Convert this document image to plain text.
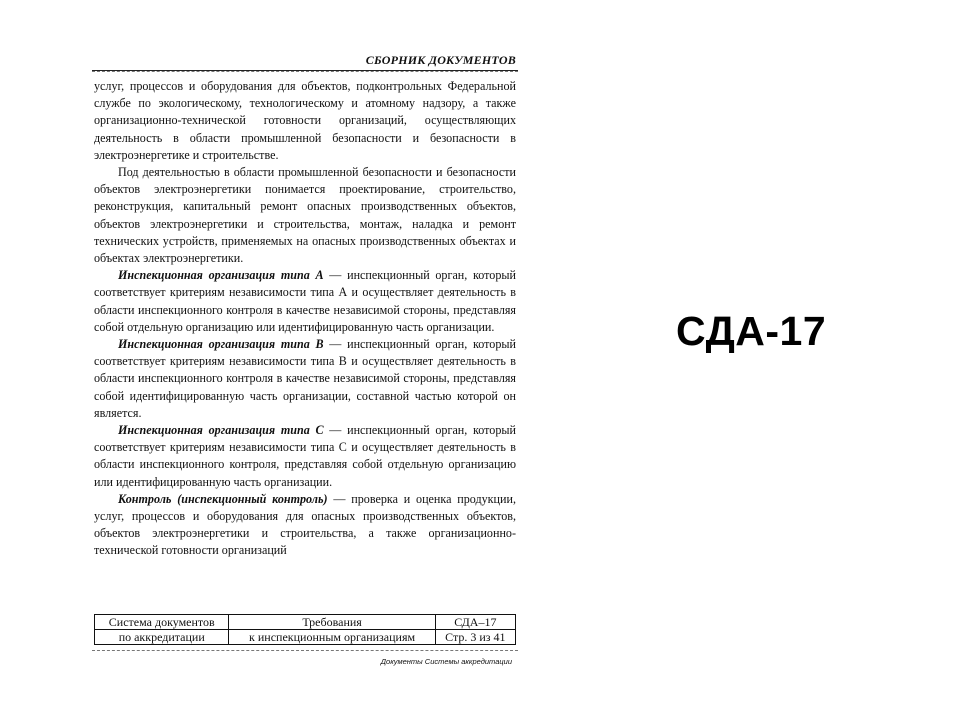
СБОРНИК ДОКУМЕНТОВ

услуг, процессов и оборудования для объектов, подконтрольных Федеральной службе по экологическому, технологическому и атомному надзору, а также организационно-технической готовности организаций, осуществляющих деятельность в области промышленной безопасности и безопасности в электроэнергетике и строительстве.

Под деятельностью в области промышленной безопасности и безопасности объектов электроэнергетики понимается проектирование, строительство, реконструкция, капитальный ремонт опасных производственных объектов, объектов электроэнергетики и строительства, монтаж, наладка и ремонт технических устройств, применяемых на опасных производственных объектах и объектах электроэнергетики.

Инспекционная организация типа А — инспекционный орган, который соответствует критериям независимости типа А и осуществляет деятельность в области инспекционного контроля в качестве независимой стороны, представляя собой отдельную организацию или идентифицированную часть организации.

Инспекционная организация типа В — инспекционный орган, который соответствует критериям независимости типа В и осуществляет деятельность в области инспекционного контроля в качестве независимой стороны, представляя собой идентифицированную часть организации, составной частью которой он является.

Инспекционная организация типа С — инспекционный орган, который соответствует критериям независимости типа С и осуществляет деятельность в области инспекционного контроля, представляя собой отдельную организацию или идентифицированную часть организации.

Контроль (инспекционный контроль) — проверка и оценка продукции, услуг, процессов и оборудования для опасных производственных объектов, объектов электроэнергетики и строительства, а также организационно-технической готовности организаций

Система документов	Требования	СДА–17
по аккредитации	к инспекционным организациям	Стр. 3 из 41
Документы Системы аккредитации
СДА-17
